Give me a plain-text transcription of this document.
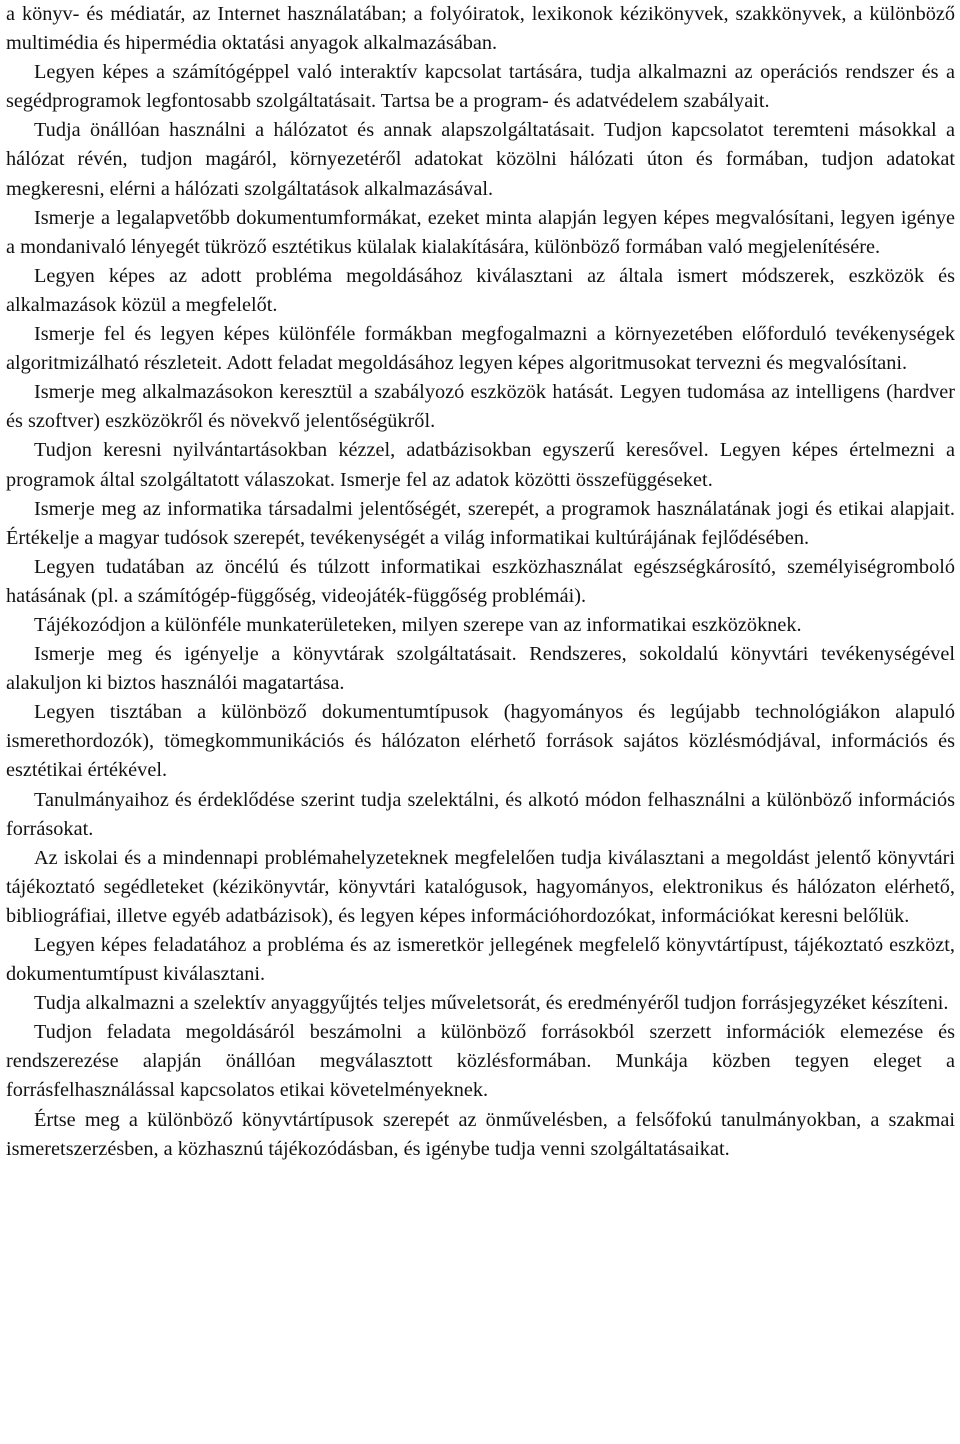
a könyv- és médiatár, az Internet használatában; a folyóiratok, lexikonok kézikönyvek, szakkönyvek, a különböző multimédia és hipermédia oktatási anyagok alkalmazásában.

Legyen képes a számítógéppel való interaktív kapcsolat tartására, tudja alkalmazni az operációs rendszer és a segédprogramok legfontosabb szolgáltatásait. Tartsa be a program- és adatvédelem szabályait.

Tudja önállóan használni a hálózatot és annak alapszolgáltatásait. Tudjon kapcsolatot teremteni másokkal a hálózat révén, tudjon magáról, környezetéről adatokat közölni hálózati úton és formában, tudjon adatokat megkeresni, elérni a hálózati szolgáltatások alkalmazásával.

Ismerje a legalapvetőbb dokumentumformákat, ezeket minta alapján legyen képes megvalósítani, legyen igénye a mondanivaló lényegét tükröző esztétikus külalak kialakítására, különböző formában való megjelenítésére.

Legyen képes az adott probléma megoldásához kiválasztani az általa ismert módszerek, eszközök és alkalmazások közül a megfelelőt.

Ismerje fel és legyen képes különféle formákban megfogalmazni a környezetében előforduló tevékenységek algoritmizálható részleteit. Adott feladat megoldásához legyen képes algoritmusokat tervezni és megvalósítani.

Ismerje meg alkalmazásokon keresztül a szabályozó eszközök hatását. Legyen tudomása az intelligens (hardver és szoftver) eszközökről és növekvő jelentőségükről.

Tudjon keresni nyilvántartásokban kézzel, adatbázisokban egyszerű keresővel. Legyen képes értelmezni a programok által szolgáltatott válaszokat. Ismerje fel az adatok közötti összefüggéseket.

Ismerje meg az informatika társadalmi jelentőségét, szerepét, a programok használatának jogi és etikai alapjait. Értékelje a magyar tudósok szerepét, tevékenységét a világ informatikai kultúrájának fejlődésében.

Legyen tudatában az öncélú és túlzott informatikai eszközhasználat egészségkárosító, személyiségromboló hatásának (pl. a számítógép-függőség, videojáték-függőség problémái).

Tájékozódjon a különféle munkaterületeken, milyen szerepe van az informatikai eszközöknek.

Ismerje meg és igényelje a könyvtárak szolgáltatásait. Rendszeres, sokoldalú könyvtári tevékenységével alakuljon ki biztos használói magatartása.

Legyen tisztában a különböző dokumentumtípusok (hagyományos és legújabb technológiákon alapuló ismerethordozók), tömegkommunikációs és hálózaton elérhető források sajátos közlésmódjával, információs és esztétikai értékével.

Tanulmányaihoz és érdeklődése szerint tudja szelektálni, és alkotó módon felhasználni a különböző információs forrásokat.

Az iskolai és a mindennapi problémahelyzeteknek megfelelően tudja kiválasztani a megoldást jelentő könyvtári tájékoztató segédleteket (kézikönyvtár, könyvtári katalógusok, hagyományos, elektronikus és hálózaton elérhető, bibliográfiai, illetve egyéb adatbázisok), és legyen képes információhordozókat, információkat keresni belőlük.

Legyen képes feladatához a probléma és az ismeretkör jellegének megfelelő könyvtártípust, tájékoztató eszközt, dokumentumtípust kiválasztani.

Tudja alkalmazni a szelektív anyaggyűjtés teljes műveletsorát, és eredményéről tudjon forrásjegyzéket készíteni.

Tudjon feladata megoldásáról beszámolni a különböző forrásokból szerzett információk elemezése és rendszerezése alapján önállóan megválasztott közlésformában. Munkája közben tegyen eleget a forrásfelhasználással kapcsolatos etikai követelményeknek.

Értse meg a különböző könyvtártípusok szerepét az önművelésben, a felsőfokú tanulmányokban, a szakmai ismeretszerzésben, a közhasznú tájékozódásban, és igénybe tudja venni szolgáltatásaikat.
